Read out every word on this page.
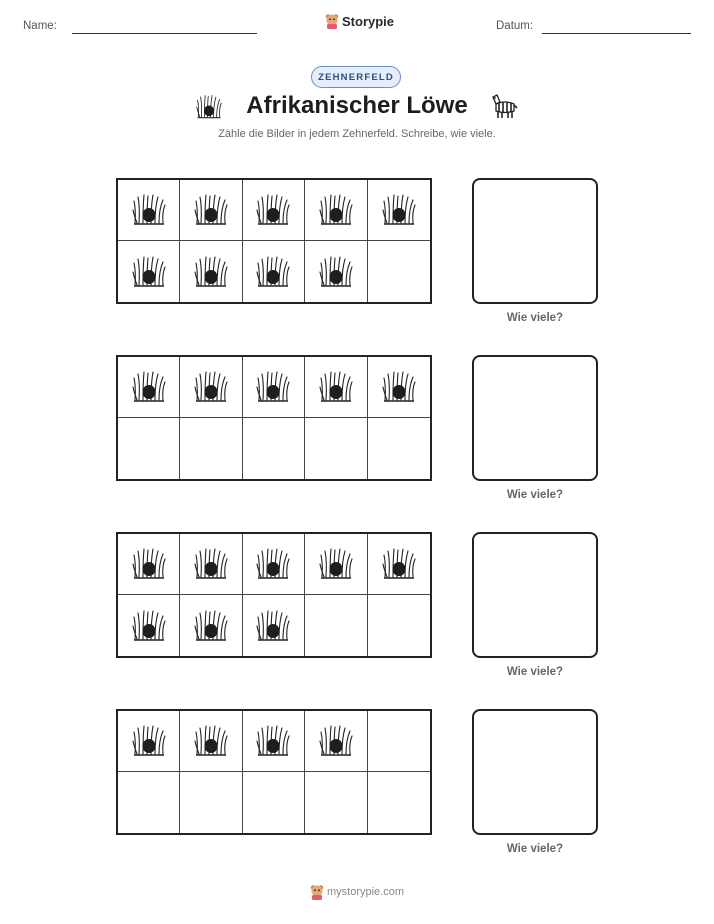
Name:	Storypie	Datum:
ZEHNERFELD
Afrikanischer Löwe
Zähle die Bilder in jedem Zehnerfeld. Schreibe, wie viele.
Wie viele?
Wie viele?
Wie viele?
Wie viele?
mystorypie.com
